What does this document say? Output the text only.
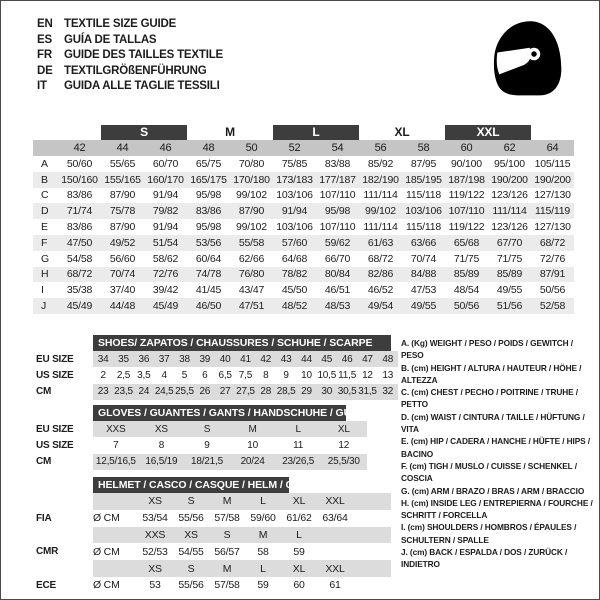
EN TEXTILE SIZE GUIDE
ES	GUÍA DE TALLAS
FR	GUIDE DES TAILLES TEXTILE
DE TEXTILGRÖßENFÜHRUNG
IT	GUIDA ALLE TAGLIE TESSILI
S	M	L	XL	XXL
42	44	46	48	50	52	54	56	58	60	62	64
A	50/60	55/65	60/70	65/75	70/80	75/85	83/88	85/92	87/95	90/100	95/100 105/115
B	150/160 155/165 160/170 165/175 170/180 173/183 177/187 182/190 185/195 187/198 190/200 190/200
C	83/86	87/90	91/94	95/98	99/102 103/106 107/110 111/114 115/118 119/122 123/126 127/130
D	71/74	75/78	79/82	83/86	87/90	91/94	95/98	99/102 103/106 107/110 111/114 115/119
E	83/86	87/90	91/94	95/98	99/102 103/106 107/110 111/114 115/118 119/122 123/126 127/130
F	47/50	49/52	51/54	53/56	55/58	57/60	59/62	61/63	63/66	65/68	67/70	68/72
G	54/58	56/60	58/62	60/64	62/66	64/68	66/70	68/72	70/74	71/75	71/75	72/76
H	68/72	70/74	72/76	74/78	76/80	78/82	80/84	82/86	84/88	85/89	85/89	87/91
I	35/38	37/40	39/42	41/45	43/47	45/50	46/51	46/52	47/53	48/54	49/55	50/56
J	45/49	44/48	45/49	46/50	47/51	48/52	48/53	49/54	49/55	50/56	51/56	52/58
SHOES/ ZAPATOS / CHAUSSURES / SCHUHE / SCARPE
EU SIZE	34 35 36 37 38 39 40 41 42 43 44 45 46 47 48
US SIZE	2	2,5 3,5	4	5	6	6,5 7,5	8	9	10 10,5 11,5 12 13
CM	23 23,5 24 24,5 25,5 26 27 27,5 28 28,5 29 30 30,5 31,5 32
GLOVES / GUANTES / GANTS / HANDSCHUHE / GUANTI
EU SIZE	XXS	XS	S	M	L	XL
US SIZE	7	8	9	10	11	12
CM	12,5/16,5 16,5/19	18/21,5	20/24	23/26,5	25,5/30
HELMET / CASCO / CASQUE / HELM / CASCO
XS	S	M	L	XL	XXL
FIA	Ø CM	53/54	55/56	57/58	59/60	61/62	63/64
XXS	XS	S	M	L
CMR	Ø CM	52/53	54/55	56/57	58	59
XS	S	M	L	XL	XXL
ECE	Ø CM	53	55/56	57/58	59	60	61
A. (Kg) WEIGHT / PESO / POIDS / GEWITCH / PESO
B. (cm) HEIGHT / ALTURA / HAUTEUR / HÖHE / ALTEZZA
C. (cm) CHEST / PECHO / POITRINE / TRUHE / PETTO
D. (cm) WAIST / CINTURA / TAILLE / HÜFTUNG / VITA
E. (cm) HIP / CADERA / HANCHE / HÜFTE / HIPS / BACINO
F. (cm) TIGH / MUSLO / CUISSE / SCHENKEL / COSCIA
G. (cm) ARM / BRAZO / BRAS / ARM / BRACCIO
H. (cm) INSIDE LEG / ENTREPIERNA / FOURCHE / SCHRITT / FORCELLA
I. (cm) SHOULDERS / HOMBROS / ÉPAULES / SCHULTERN / SPALLE
J. (cm) BACK / ESPALDA / DOS / ZURÜCK / INDIETRO
